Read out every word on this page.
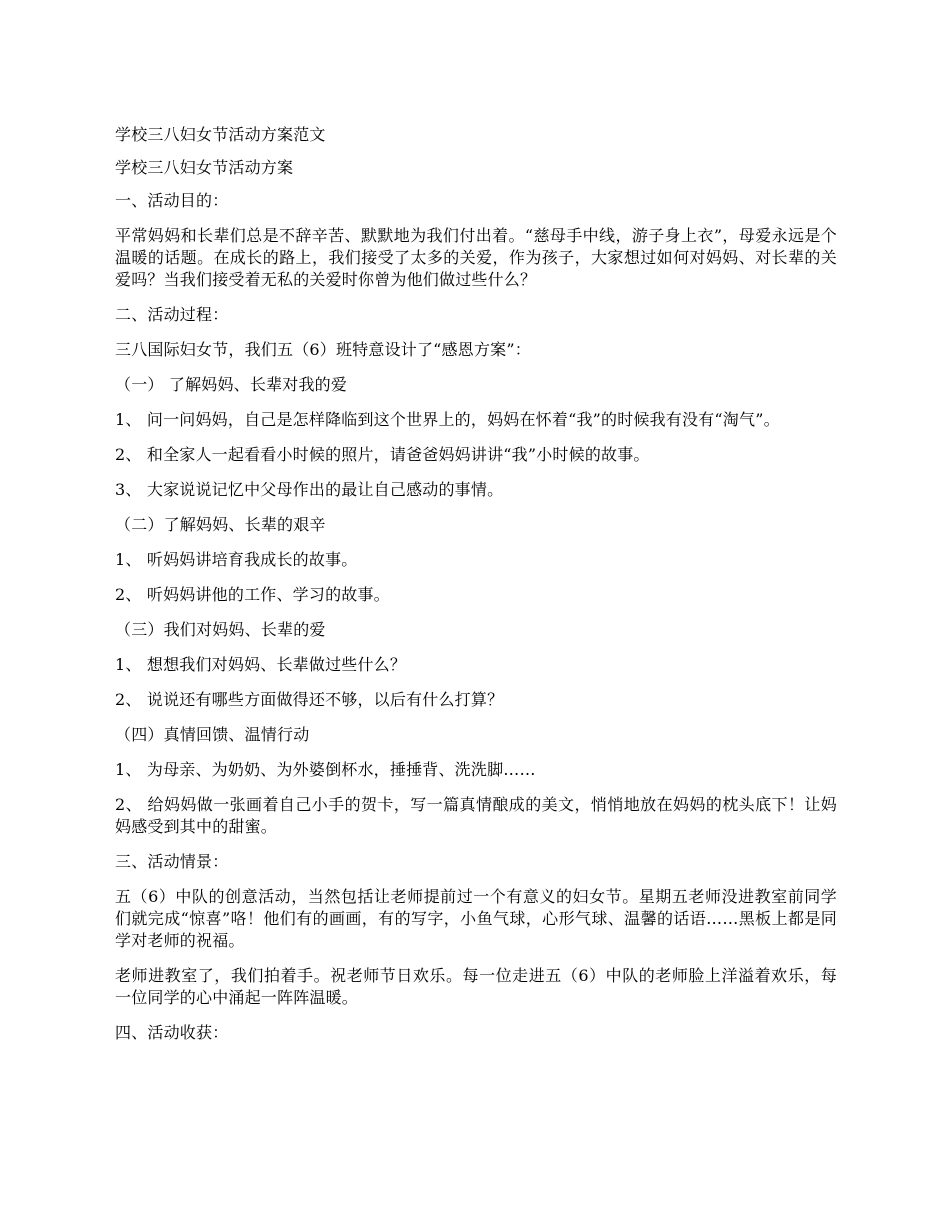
学校三八妇女节活动方案范文

学校三八妇女节活动方案

一、活动目的：

平常妈妈和长辈们总是不辞辛苦、默默地为我们付出着。“慈母手中线，游子身上衣”，母爱永远是个温暖的话题。在成长的路上，我们接受了太多的关爱，作为孩子，大家想过如何对妈妈、对长辈的关爱吗？当我们接受着无私的关爱时你曾为他们做过些什么？

二、活动过程：

三八国际妇女节，我们五（6）班特意设计了“感恩方案”：

（一） 了解妈妈、长辈对我的爱

1、 问一问妈妈，自己是怎样降临到这个世界上的，妈妈在怀着“我”的时候我有没有“淘气”。

2、 和全家人一起看看小时候的照片，请爸爸妈妈讲讲“我”小时候的故事。

3、 大家说说记忆中父母作出的最让自己感动的事情。

（二）了解妈妈、长辈的艰辛

1、 听妈妈讲培育我成长的故事。

2、 听妈妈讲他的工作、学习的故事。

（三）我们对妈妈、长辈的爱

1、 想想我们对妈妈、长辈做过些什么？

2、 说说还有哪些方面做得还不够，以后有什么打算？

（四）真情回馈、温情行动

1、 为母亲、为奶奶、为外婆倒杯水，捶捶背、洗洗脚……

2、 给妈妈做一张画着自己小手的贺卡，写一篇真情酿成的美文，悄悄地放在妈妈的枕头底下！让妈妈感受到其中的甜蜜。

三、活动情景：

五（6）中队的创意活动，当然包括让老师提前过一个有意义的妇女节。星期五老师没进教室前同学们就完成“惊喜”咯！他们有的画画，有的写字，小鱼气球，心形气球、温馨的话语……黑板上都是同学对老师的祝福。

老师进教室了，我们拍着手。祝老师节日欢乐。每一位走进五（6）中队的老师脸上洋溢着欢乐，每一位同学的心中涌起一阵阵温暖。

四、活动收获：
